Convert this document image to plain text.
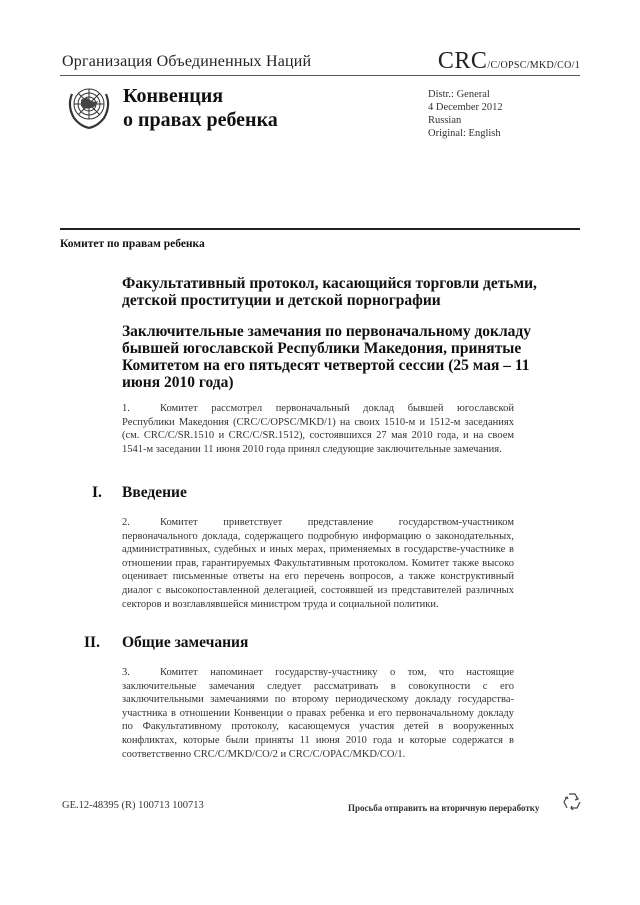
Организация Объединенных Наций	CRC/C/OPSC/MKD/CO/1
Конвенция
о правах ребенка
Distr.: General
4 December 2012
Russian
Original: English
Комитет по правам ребенка
Факультативный протокол, касающийся торговли детьми, детской проституции и детской порнографии
Заключительные замечания по первоначальному докладу бывшей югославской Республики Македония, принятые Комитетом на его пятьдесят четвертой сессии (25 мая – 11 июня 2010 года)
1.	Комитет рассмотрел первоначальный доклад бывшей югославской Республики Македония (CRC/C/OPSC/MKD/1) на своих 1510-м и 1512-м заседаниях (см. CRC/C/SR.1510 и CRC/C/SR.1512), состоявшихся 27 мая 2010 года, и на своем 1541-м заседании 11 июня 2010 года принял следующие заключительные замечания.
I. Введение
2.	Комитет приветствует представление государством-участником первоначального доклада, содержащего подробную информацию о законодательных, административных, судебных и иных мерах, применяемых в государстве-участнике в отношении прав, гарантируемых Факультативным протоколом. Комитет также высоко оценивает письменные ответы на его перечень вопросов, а также конструктивный диалог с высокопоставленной делегацией, состоявшей из представителей различных секторов и возглавлявшейся министром труда и социальной политики.
II. Общие замечания
3.	Комитет напоминает государству-участнику о том, что настоящие заключительные замечания следует рассматривать в совокупности с его заключительными замечаниями по второму периодическому докладу государства-участника в отношении Конвенции о правах ребенка и его первоначальному докладу по Факультативному протоколу, касающемуся участия детей в вооруженных конфликтах, которые были приняты 11 июня 2010 года и которые содержатся в соответственно CRC/C/MKD/CO/2 и CRC/C/OPAC/MKD/CO/1.
GE.12-48395 (R) 100713 100713	Просьба отправить на вторичную переработку
